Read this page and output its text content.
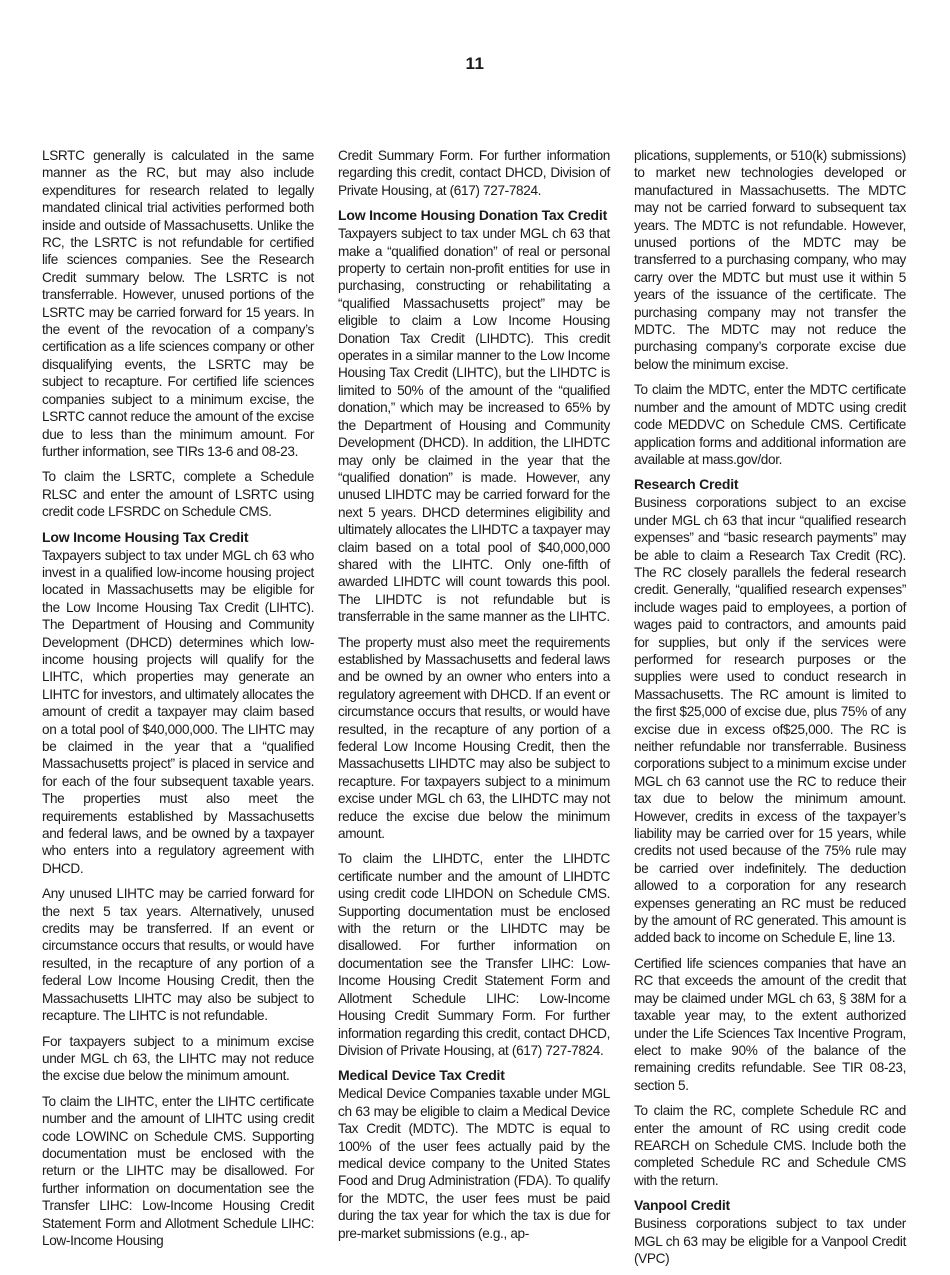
11

LSRTC generally is calculated in the same manner as the RC, but may also include expenditures for research related to legally mandated clinical trial activities performed both inside and outside of Massachusetts. Unlike the RC, the LSRTC is not refundable for certified life sciences companies. See the Research Credit summary below. The LSRTC is not transferrable. However, unused portions of the LSRTC may be carried forward for 15 years. In the event of the revocation of a company’s certification as a life sciences company or other disqualifying events, the LSRTC may be subject to recapture. For certified life sciences companies subject to a minimum excise, the LSRTC cannot reduce the amount of the excise due to less than the minimum amount. For further information, see TIRs 13-6 and 08-23.

To claim the LSRTC, complete a Schedule RLSC and enter the amount of LSRTC using credit code LFSRDC on Schedule CMS.

Low Income Housing Tax Credit

Taxpayers subject to tax under MGL ch 63 who invest in a qualified low-income housing project located in Massachusetts may be eligible for the Low Income Housing Tax Credit (LIHTC). The Department of Housing and Community Development (DHCD) determines which low-income housing projects will qualify for the LIHTC, which properties may generate an LIHTC for investors, and ultimately allocates the amount of credit a taxpayer may claim based on a total pool of $40,000,000. The LIHTC may be claimed in the year that a “qualified Massachusetts project” is placed in service and for each of the four subsequent taxable years. The properties must also meet the requirements established by Massachusetts and federal laws, and be owned by a taxpayer who enters into a regulatory agreement with DHCD.

Any unused LIHTC may be carried forward for the next 5 tax years. Alternatively, unused credits may be transferred. If an event or circumstance occurs that results, or would have resulted, in the recapture of any portion of a federal Low Income Housing Credit, then the Massachusetts LIHTC may also be subject to recapture. The LIHTC is not refundable.

For taxpayers subject to a minimum excise under MGL ch 63, the LIHTC may not reduce the excise due below the minimum amount.

To claim the LIHTC, enter the LIHTC certificate number and the amount of LIHTC using credit code LOWINC on Schedule CMS. Supporting documentation must be enclosed with the return or the LIHTC may be disallowed. For further information on documentation see the Transfer LIHC: Low-Income Housing Credit Statement Form and Allotment Schedule LIHC: Low-Income Housing

Credit Summary Form. For further information regarding this credit, contact DHCD, Division of Private Housing, at (617) 727-7824.

Low Income Housing Donation Tax Credit

Taxpayers subject to tax under MGL ch 63 that make a “qualified donation” of real or personal property to certain non-profit entities for use in purchasing, constructing or rehabilitating a “qualified Massachusetts project” may be eligible to claim a Low Income Housing Donation Tax Credit (LIHDTC). This credit operates in a similar manner to the Low Income Housing Tax Credit (LIHTC), but the LIHDTC is limited to 50% of the amount of the “qualified donation,” which may be increased to 65% by the Department of Housing and Community Development (DHCD). In addition, the LIHDTC may only be claimed in the year that the “qualified donation” is made. However, any unused LIHDTC may be carried forward for the next 5 years. DHCD determines eligibility and ultimately allocates the LIHDTC a taxpayer may claim based on a total pool of $40,000,000 shared with the LIHTC. Only one-fifth of awarded LIHDTC will count towards this pool. The LIHDTC is not refundable but is transferrable in the same manner as the LIHTC.

The property must also meet the requirements established by Massachusetts and federal laws and be owned by an owner who enters into a regulatory agreement with DHCD. If an event or circumstance occurs that results, or would have resulted, in the recapture of any portion of a federal Low Income Housing Credit, then the Massachusetts LIHDTC may also be subject to recapture. For taxpayers subject to a minimum excise under MGL ch 63, the LIHDTC may not reduce the excise due below the minimum amount.

To claim the LIHDTC, enter the LIHDTC certificate number and the amount of LIHDTC using credit code LIHDON on Schedule CMS. Supporting documentation must be enclosed with the return or the LIHDTC may be disallowed. For further information on documentation see the Transfer LIHC: Low-Income Housing Credit Statement Form and Allotment Schedule LIHC: Low-Income Housing Credit Summary Form. For further information regarding this credit, contact DHCD, Division of Private Housing, at (617) 727-7824.

Medical Device Tax Credit

Medical Device Companies taxable under MGL ch 63 may be eligible to claim a Medical Device Tax Credit (MDTC). The MDTC is equal to 100% of the user fees actually paid by the medical device company to the United States Food and Drug Administration (FDA). To qualify for the MDTC, the user fees must be paid during the tax year for which the tax is due for pre-market submissions (e.g., ap-

plications, supplements, or 510(k) submissions) to market new technologies developed or manufactured in Massachusetts. The MDTC may not be carried forward to subsequent tax years. The MDTC is not refundable. However, unused portions of the MDTC may be transferred to a purchasing company, who may carry over the MDTC but must use it within 5 years of the issuance of the certificate. The purchasing company may not transfer the MDTC. The MDTC may not reduce the purchasing company’s corporate excise due below the minimum excise.

To claim the MDTC, enter the MDTC certificate number and the amount of MDTC using credit code MEDDVC on Schedule CMS. Certificate application forms and additional information are available at mass.gov/dor.

Research Credit

Business corporations subject to an excise under MGL ch 63 that incur “qualified research expenses” and “basic research payments” may be able to claim a Research Tax Credit (RC). The RC closely parallels the federal research credit. Generally, “qualified research expenses” include wages paid to employees, a portion of wages paid to contractors, and amounts paid for supplies, but only if the services were performed for research purposes or the supplies were used to conduct research in Massachusetts. The RC amount is limited to the first $25,000 of excise due, plus 75% of any excise due in excess of$25,000. The RC is neither refundable nor transferrable. Business corporations subject to a minimum excise under MGL ch 63 cannot use the RC to reduce their tax due to below the minimum amount. However, credits in excess of the taxpayer’s liability may be carried over for 15 years, while credits not used because of the 75% rule may be carried over indefinitely. The deduction allowed to a corporation for any research expenses generating an RC must be reduced by the amount of RC generated. This amount is added back to income on Schedule E, line 13.

Certified life sciences companies that have an RC that exceeds the amount of the credit that may be claimed under MGL ch 63, § 38M for a taxable year may, to the extent authorized under the Life Sciences Tax Incentive Program, elect to make 90% of the balance of the remaining credits refundable. See TIR 08-23, section 5.

To claim the RC, complete Schedule RC and enter the amount of RC using credit code REARCH on Schedule CMS. Include both the completed Schedule RC and Schedule CMS with the return.

Vanpool Credit

Business corporations subject to tax under MGL ch 63 may be eligible for a Vanpool Credit (VPC)
